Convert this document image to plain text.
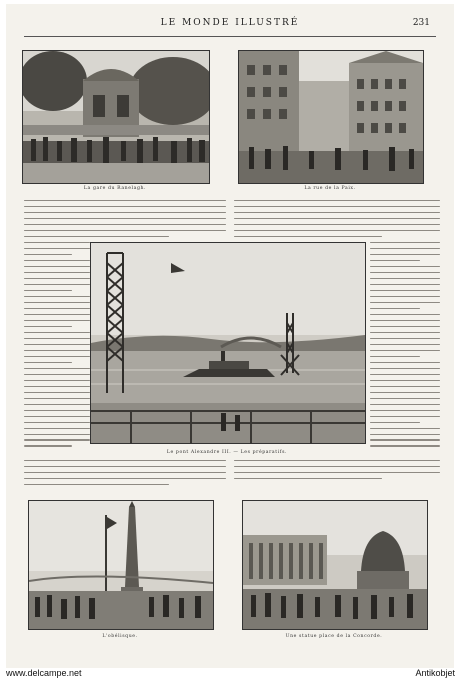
LE MONDE ILLUSTRÉ	231
La gare du Ranelagh.	La rue de la Paix.
Le pont Alexandre III. — Les préparatifs.
L'obélisque.	Une statue place de la Concorde.
www.delcampe.net	Antikobjet
